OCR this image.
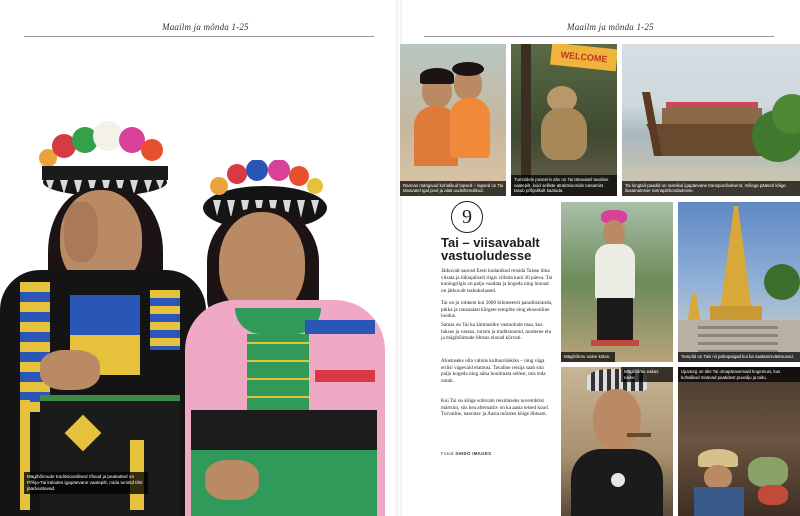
Maailm ja mõnda 1-25
Mägihõimude traditsioonilised rõivad ja peakatted on Põhja-Tai külades igapäevane vaatepilt, mida turistid tihti jäädvustavad.
Maailm ja mõnda 1-25
Rannas mängivad kohalikud lapsed – lapsed on Tai tänavatel igal pool ja alati uudishimulikud.
WELCOME
Turistidele poseeriv ahv on Tai tänavatel tavaline vaatepilt, kuid selliste atraktsioonide toetamist tasub põhjalikult kaaluda.
Tai longtail-paadid on rannikul igapäevane transpordivahend, millega pääseb kõige ilusamatesse rannapiirkondadesse.
9
Tai – viisavabalt vastuoludesse

Jätkuvalt saavad Eesti kodanikud reisida Taisse ilma viisata ja lühiajaliselt riigis viibida kuni 30 päeva. Tai kuningriigis on palju vaadata ja kogeda ning hinnad on jätkuvalt taskukohased.

Tai on ju rohkem kui 3000 kilomeetrit paradiisirandu, pikka ja rannaalast kõrgete templite ning eksootiline loodus.

Samas on Tai ka äärmuslike vastuolude maa, kus luksus ja vaesus, turism ja traditsioonid, moderne elu ja mägihõimude lihtsus elavad kõrvuti.

Alustuseks olla valmis kultuurišokiks – ning väga erilisi vägevaid elamusi. Tavaline reisija saab siin palju kogeda ning näha hoolimata sellest, mis teda ootab.

Kui Tai on kõige sobivam reisimiseks novembrist märtsini, siis hea alternatiiv on ka aasta teised kuud. Turvaline, naeratav ja Aasia mõistes kõige lihtsam.

Fotod SHIDO IMAGES
Mägihõimu naine külas.	Templid on Tais nii pühapaigad kui ka vaatamisväärsused.
Mägihõimu eakas naine.
Ujuvturg on üks Tai omapärasemaid kogemusi, kus kohalikud müüvad paatidest puuvilju ja toitu.
